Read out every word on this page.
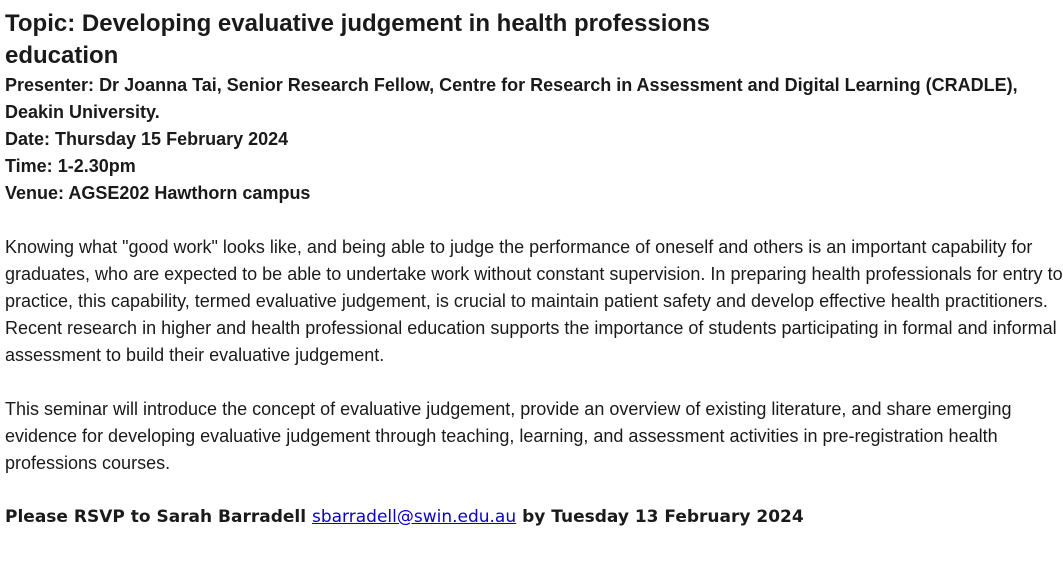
Topic: Developing evaluative judgement in health professions education

Presenter: Dr Joanna Tai, Senior Research Fellow, Centre for Research in Assessment and Digital Learning (CRADLE), Deakin University.

Date: Thursday 15 February 2024

Time: 1-2.30pm

Venue: AGSE202 Hawthorn campus

Knowing what "good work" looks like, and being able to judge the performance of oneself and others is an important capability for graduates, who are expected to be able to undertake work without constant supervision. In preparing health professionals for entry to practice, this capability, termed evaluative judgement, is crucial to maintain patient safety and develop effective health practitioners. Recent research in higher and health professional education supports the importance of students participating in formal and informal assessment to build their evaluative judgement.

This seminar will introduce the concept of evaluative judgement, provide an overview of existing literature, and share emerging evidence for developing evaluative judgement through teaching, learning, and assessment activities in pre-registration health professions courses.

Please RSVP to Sarah Barradell sbarradell@swin.edu.au by Tuesday 13 February 2024
